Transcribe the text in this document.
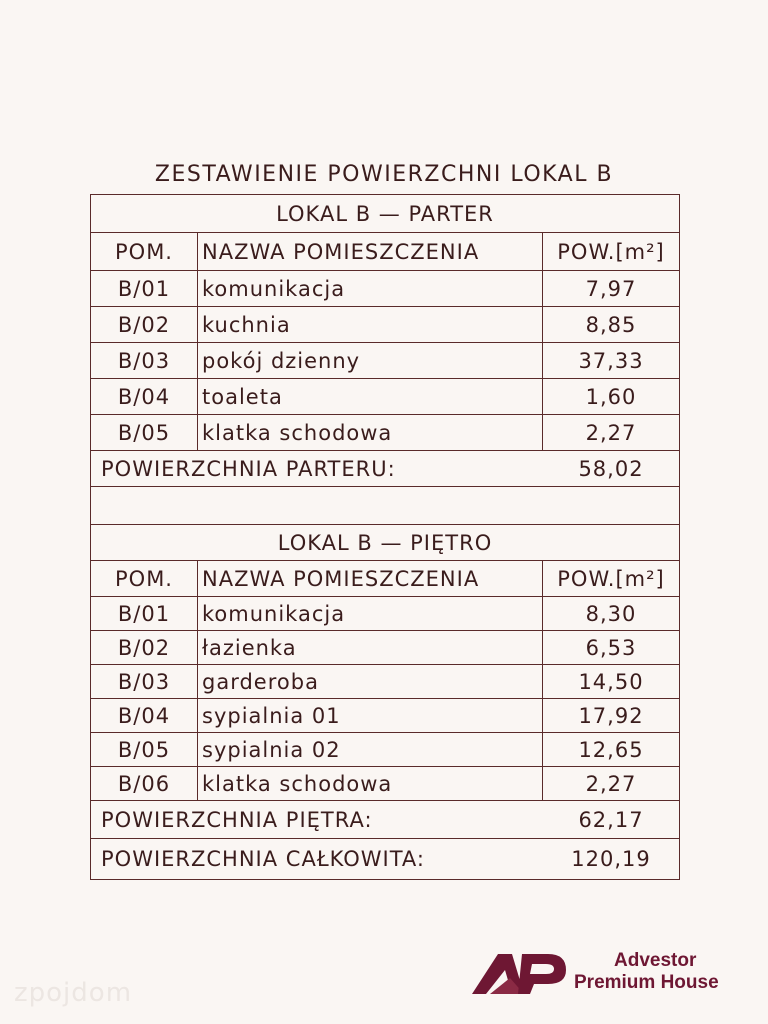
ZESTAWIENIE POWIERZCHNI LOKAL B
LOKAL B — PARTER
POM.	NAZWA POMIESZCZENIA	POW.[m²]
B/01	komunikacja	7,97
B/02	kuchnia	8,85
B/03	pokój dzienny	37,33
B/04	toaleta	1,60
B/05	klatka schodowa	2,27
POWIERZCHNIA PARTERU:	58,02
LOKAL B — PIĘTRO
POM.	NAZWA POMIESZCZENIA	POW.[m²]
B/01	komunikacja	8,30
B/02	łazienka	6,53
B/03	garderoba	14,50
B/04	sypialnia 01	17,92
B/05	sypialnia 02	12,65
B/06	klatka schodowa	2,27
POWIERZCHNIA PIĘTRA:	62,17
POWIERZCHNIA CAŁKOWITA:	120,19
zpojdom
Advestor
Premium House
